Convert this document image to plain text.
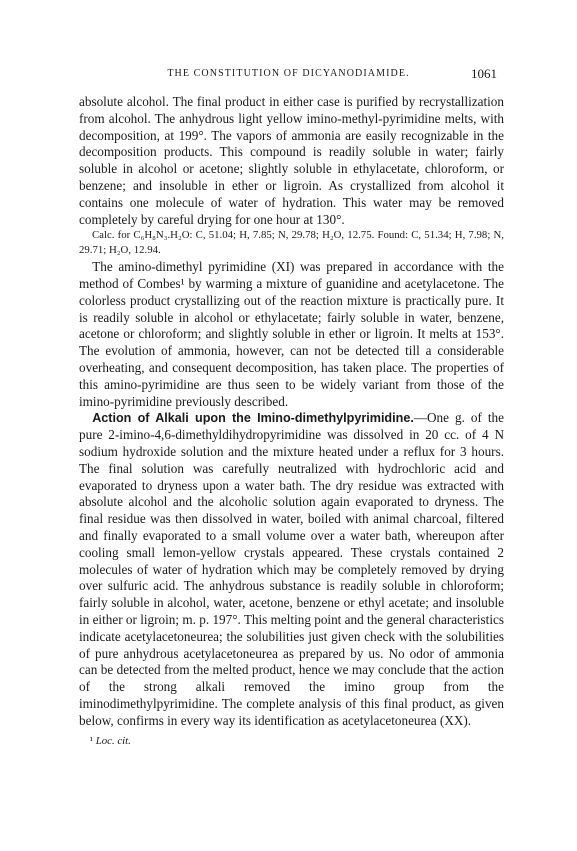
THE CONSTITUTION OF DICYANODIAMIDE.	1061

absolute alcohol. The final product in either case is purified by recrystallization from alcohol. The anhydrous light yellow imino-methyl-pyrimidine melts, with decomposition, at 199°. The vapors of ammonia are easily recognizable in the decomposition products. This compound is readily soluble in water; fairly soluble in alcohol or acetone; slightly soluble in ethylacetate, chloroform, or benzene; and insoluble in ether or ligroin. As crystallized from alcohol it contains one molecule of water of hydration. This water may be removed completely by careful drying for one hour at 130°.

Calc. for C₆H₈N₃.H₂O: C, 51.04; H, 7.85; N, 29.78; H₂O, 12.75. Found: C, 51.34; H, 7.98; N, 29.71; H₂O, 12.94.

The amino-dimethyl pyrimidine (XI) was prepared in accordance with the method of Combes¹ by warming a mixture of guanidine and acetylacetone. The colorless product crystallizing out of the reaction mixture is practically pure. It is readily soluble in alcohol or ethylacetate; fairly soluble in water, benzene, acetone or chloroform; and slightly soluble in ether or ligroin. It melts at 153°. The evolution of ammonia, however, can not be detected till a considerable overheating, and consequent decomposition, has taken place. The properties of this amino-pyrimidine are thus seen to be widely variant from those of the imino-pyrimidine previously described.

Action of Alkali upon the Imino-dimethylpyrimidine.—One g. of the pure 2-imino-4,6-dimethyldihydropyrimidine was dissolved in 20 cc. of 4 N sodium hydroxide solution and the mixture heated under a reflux for 3 hours. The final solution was carefully neutralized with hydrochloric acid and evaporated to dryness upon a water bath. The dry residue was extracted with absolute alcohol and the alcoholic solution again evaporated to dryness. The final residue was then dissolved in water, boiled with animal charcoal, filtered and finally evaporated to a small volume over a water bath, whereupon after cooling small lemon-yellow crystals appeared. These crystals contained 2 molecules of water of hydration which may be completely removed by drying over sulfuric acid. The anhydrous substance is readily soluble in chloroform; fairly soluble in alcohol, water, acetone, benzene or ethyl acetate; and insoluble in either or ligroin; m. p. 197°. This melting point and the general characteristics indicate acetylacetoneurea; the solubilities just given check with the solubilities of pure anhydrous acetylacetoneurea as prepared by us. No odor of ammonia can be detected from the melted product, hence we may conclude that the action of the strong alkali removed the imino group from the iminodimethylpyrimidine. The complete analysis of this final product, as given below, confirms in every way its identification as acetylacetoneurea (XX).

¹ Loc. cit.
